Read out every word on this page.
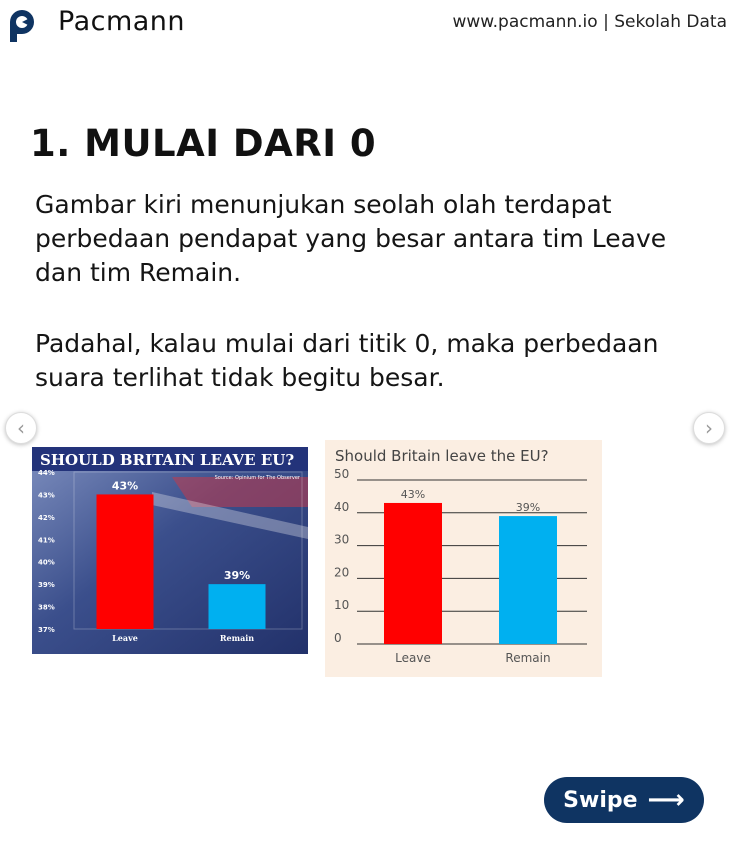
Pacmann	www.pacmann.io | Sekolah Data
1. MULAI DARI 0

Gambar kiri menunjukan seolah olah terdapat perbedaan pendapat yang besar antara tim Leave dan tim Remain.

Padahal, kalau mulai dari titik 0, maka perbedaan suara terlihat tidak begitu besar.

‹	›
SHOULD BRITAIN LEAVE EU?
Source: Opinium for The Observer
37%
38%
39%
40%
41%
42%
43%
44%
43%
Leave
39%
Remain
Should Britain leave the EU?
0
10
20
30
40
50
43%
Leave
39%
Remain
Swipe ⟶
